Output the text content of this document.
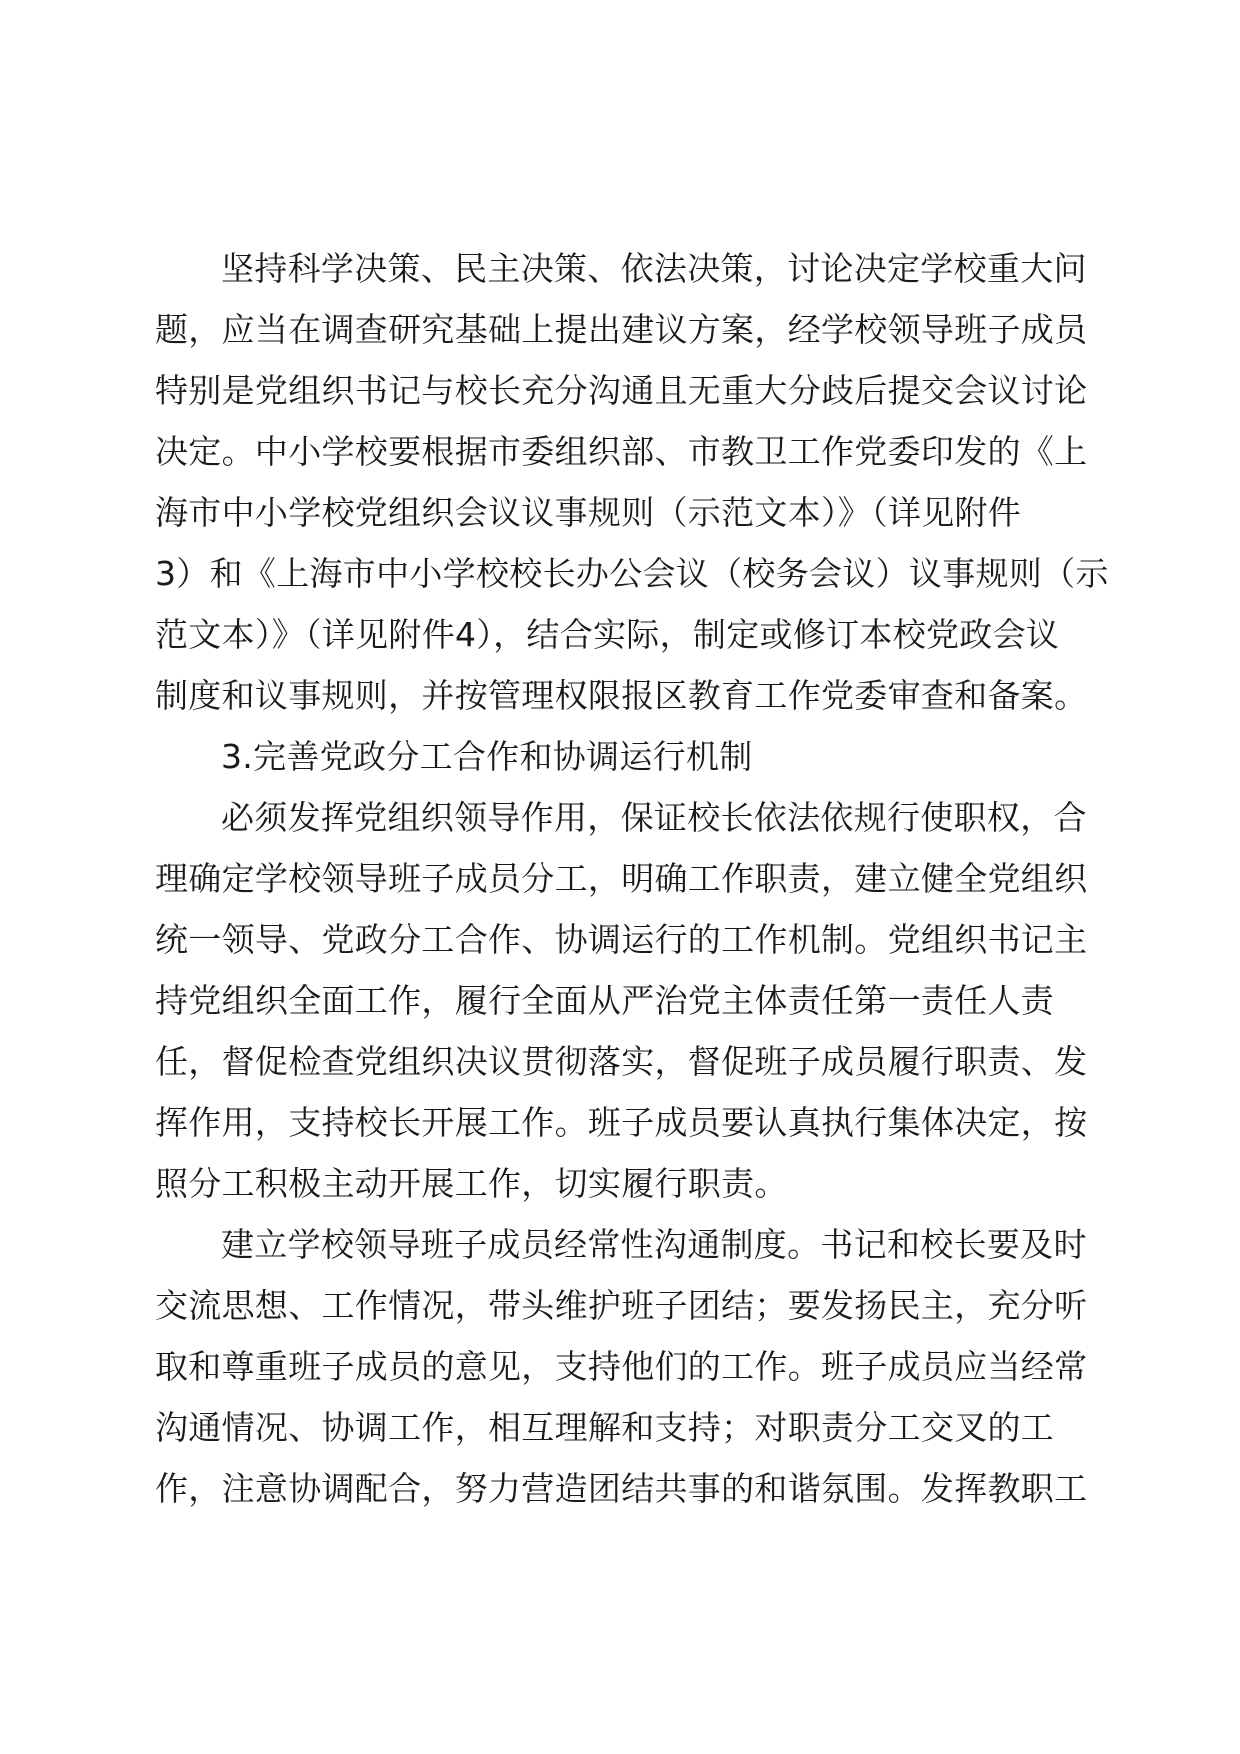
坚持科学决策、民主决策、依法决策，讨论决定学校重大问
题，应当在调查研究基础上提出建议方案，经学校领导班子成员
特别是党组织书记与校长充分沟通且无重大分歧后提交会议讨论
决定。中小学校要根据市委组织部、市教卫工作党委印发的《上
海市中小学校党组织会议议事规则（示范文本）》（详见附件
3）和《上海市中小学校校长办公会议（校务会议）议事规则（示
范文本）》（详见附件4），结合实际，制定或修订本校党政会议
制度和议事规则，并按管理权限报区教育工作党委审查和备案。
3.完善党政分工合作和协调运行机制
必须发挥党组织领导作用，保证校长依法依规行使职权，合
理确定学校领导班子成员分工，明确工作职责，建立健全党组织
统一领导、党政分工合作、协调运行的工作机制。党组织书记主
持党组织全面工作，履行全面从严治党主体责任第一责任人责
任，督促检查党组织决议贯彻落实，督促班子成员履行职责、发
挥作用，支持校长开展工作。班子成员要认真执行集体决定，按
照分工积极主动开展工作，切实履行职责。
建立学校领导班子成员经常性沟通制度。书记和校长要及时
交流思想、工作情况，带头维护班子团结；要发扬民主，充分听
取和尊重班子成员的意见，支持他们的工作。班子成员应当经常
沟通情况、协调工作，相互理解和支持；对职责分工交叉的工
作，注意协调配合，努力营造团结共事的和谐氛围。发挥教职工
